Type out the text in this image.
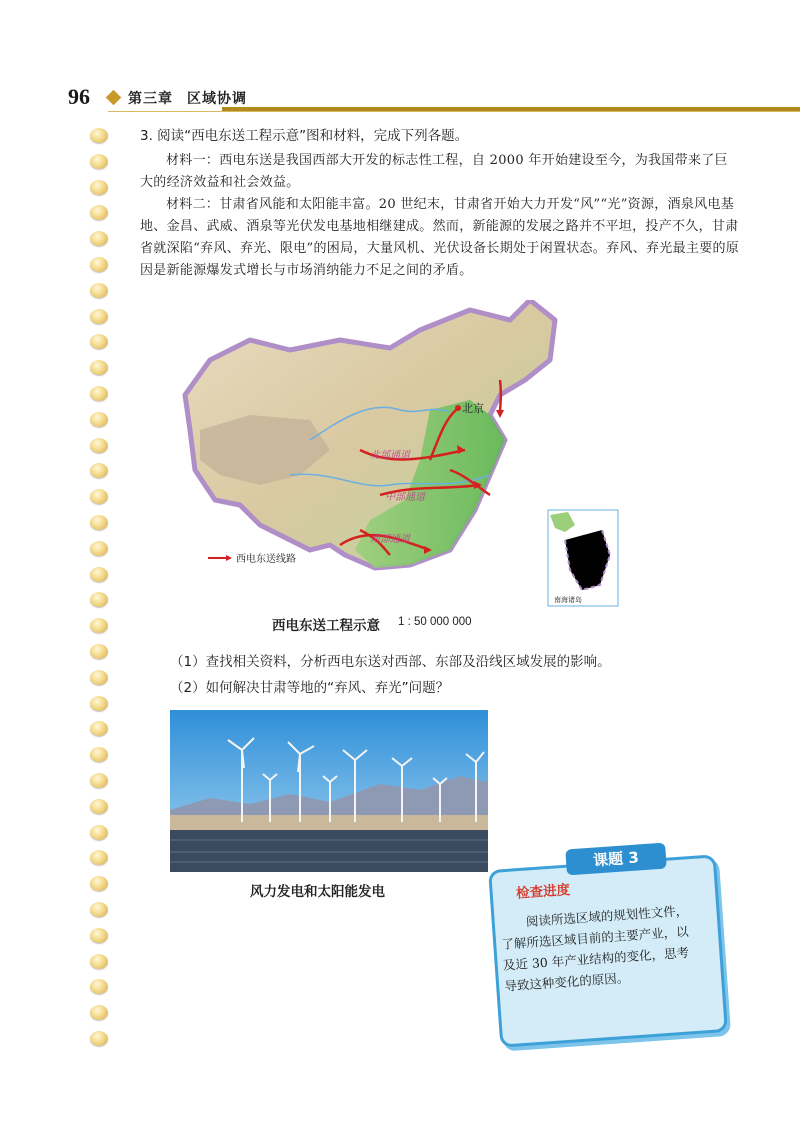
96	第三章 区域协调
3. 阅读“西电东送工程示意”图和材料，完成下列各题。
材料一：西电东送是我国西部大开发的标志性工程，自 2000 年开始建设至今，为我国带来了巨大的经济效益和社会效益。
材料二：甘肃省风能和太阳能丰富。20 世纪末，甘肃省开始大力开发“风”“光”资源，酒泉风电基地、金昌、武威、酒泉等光伏发电基地相继建成。然而，新能源的发展之路并不平坦，投产不久，甘肃省就深陷“弃风、弃光、限电”的困局，大量风机、光伏设备长期处于闲置状态。弃风、弃光最主要的原因是新能源爆发式增长与市场消纳能力不足之间的矛盾。
北京
北部通道
中部通道
南部通道
西电东送线路
南海诸岛
西电东送工程示意 1 : 50 000 000
（1）查找相关资料，分析西电东送对西部、东部及沿线区域发展的影响。
（2）如何解决甘肃等地的“弃风、弃光”问题？
风力发电和太阳能发电
课题 3
检查进度
阅读所选区域的规划性文件，了解所选区域目前的主要产业，以及近 30 年产业结构的变化，思考导致这种变化的原因。
